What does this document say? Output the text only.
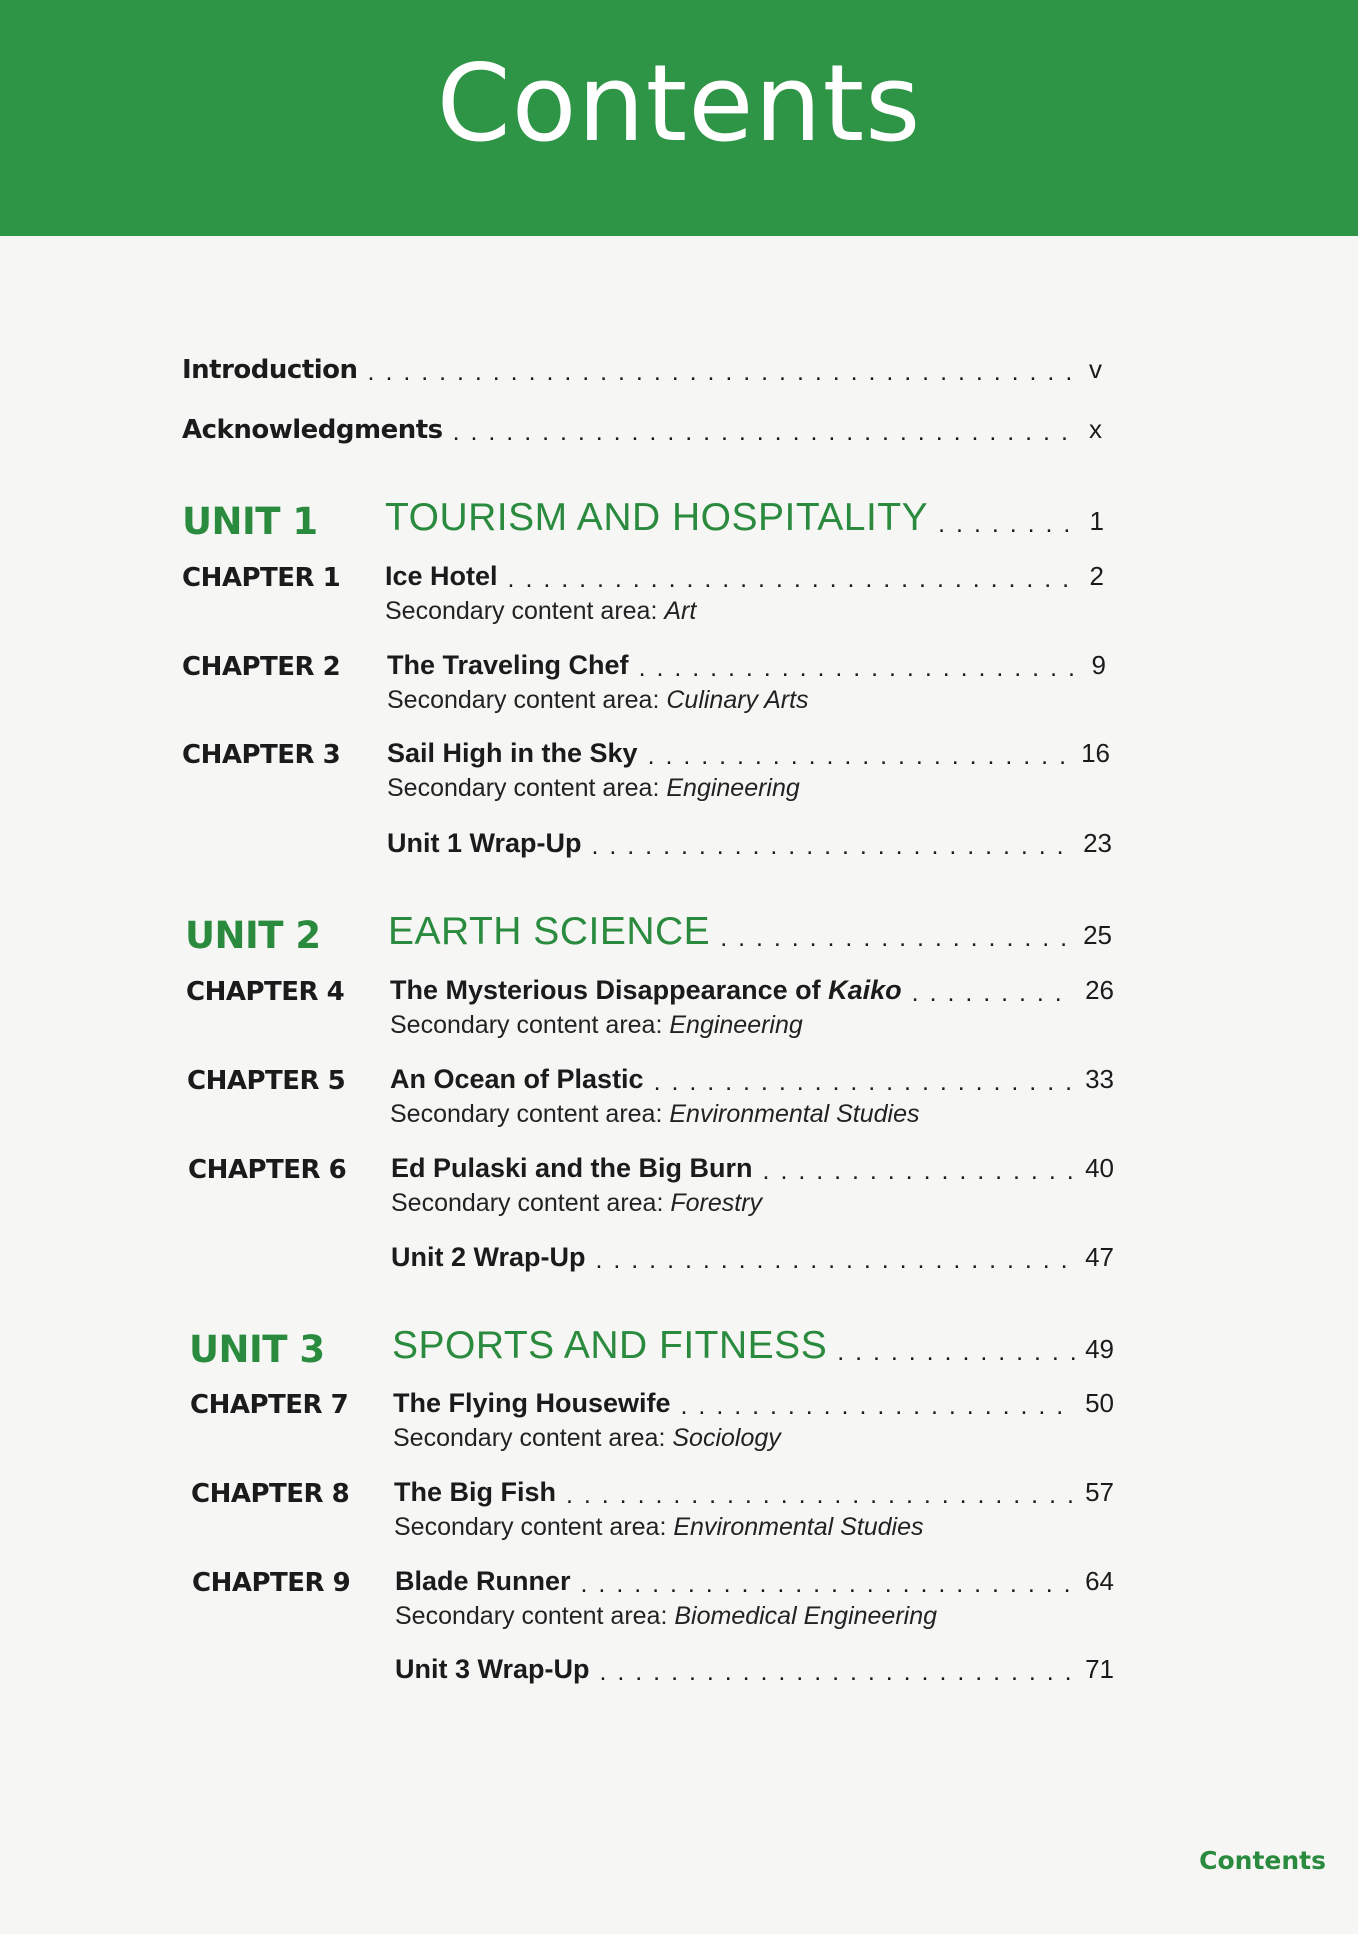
Contents
Introduction . . .	v
Acknowledgments . . .	x
UNIT 1 TOURISM AND HOSPITALITY . . .	1
CHAPTER 1 Ice Hotel . . .	2
Secondary content area: Art
CHAPTER 2 The Traveling Chef . . .	9
Secondary content area: Culinary Arts
CHAPTER 3 Sail High in the Sky . . .	16
Secondary content area: Engineering
Unit 1 Wrap-Up . . .	23
UNIT 2 EARTH SCIENCE . . .	25
CHAPTER 4 The Mysterious Disappearance of Kaiko . . .	26
Secondary content area: Engineering
CHAPTER 5 An Ocean of Plastic . . .	33
Secondary content area: Environmental Studies
CHAPTER 6 Ed Pulaski and the Big Burn . . .	40
Secondary content area: Forestry
Unit 2 Wrap-Up . . .	47
UNIT 3 SPORTS AND FITNESS . . .	49
CHAPTER 7 The Flying Housewife . . .	50
Secondary content area: Sociology
CHAPTER 8 The Big Fish . . .	57
Secondary content area: Environmental Studies
CHAPTER 9 Blade Runner . . .	64
Secondary content area: Biomedical Engineering
Unit 3 Wrap-Up . . .	71
Contents
